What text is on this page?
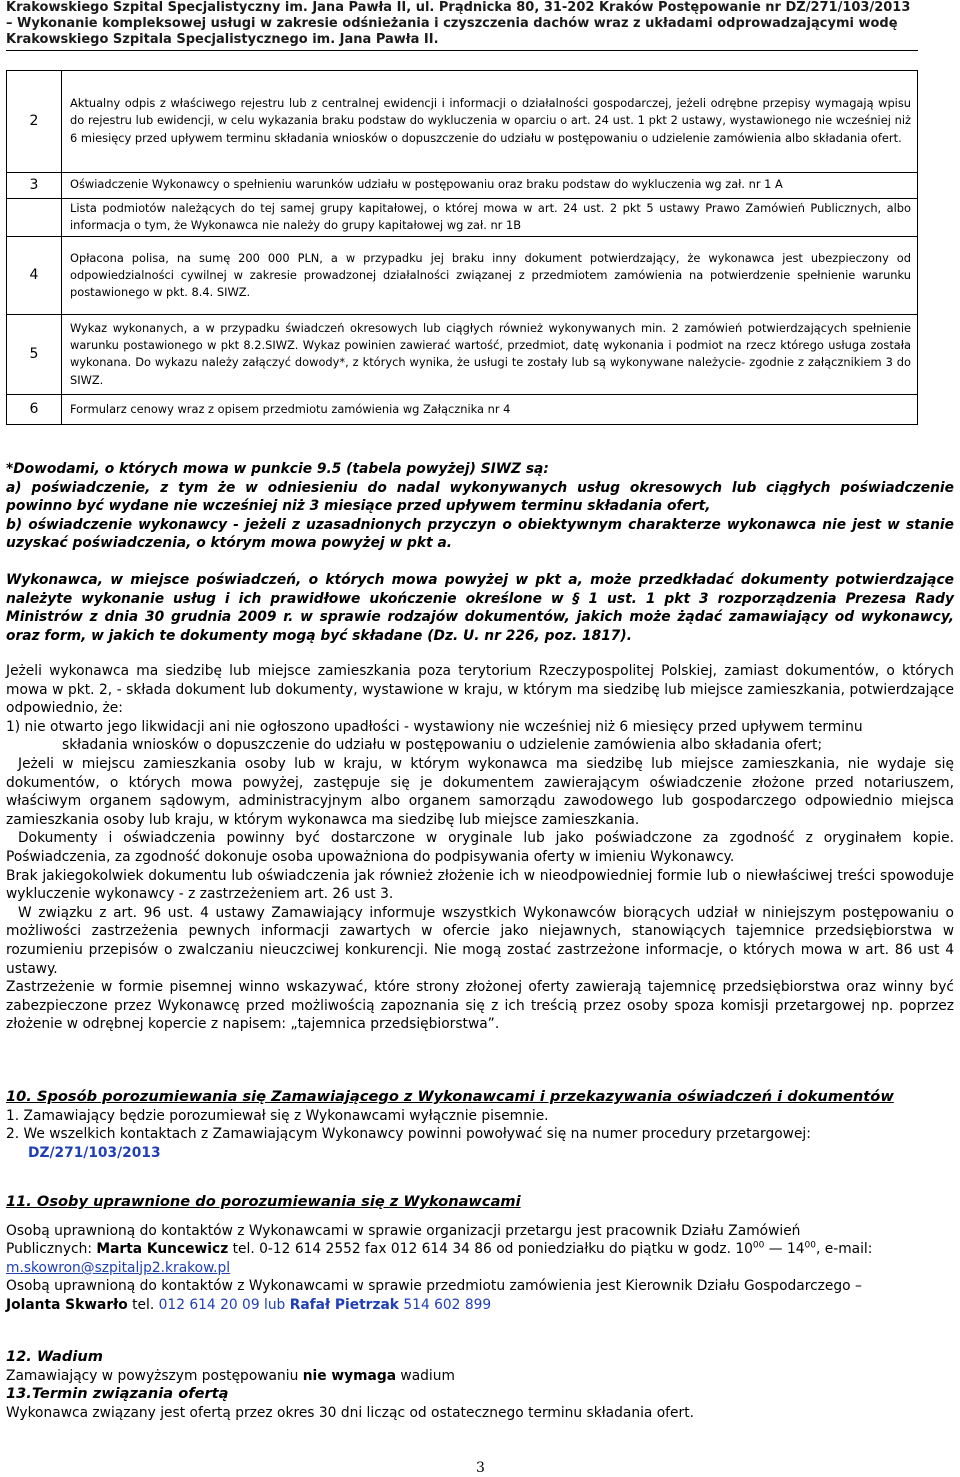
Krakowskiego Szpital Specjalistyczny im. Jana Pawła II, ul. Prądnicka 80, 31-202 Kraków Postępowanie nr DZ/271/103/2013
– Wykonanie kompleksowej usługi w zakresie odśnieżania i czyszczenia dachów wraz z układami odprowadzającymi wodę
Krakowskiego Szpitala Specjalistycznego im. Jana Pawła II.
2	Aktualny odpis z właściwego rejestru lub z centralnej ewidencji i informacji o działalności gospodarczej, jeżeli odrębne przepisy wymagają wpisu do rejestru lub ewidencji, w celu wykazania braku podstaw do wykluczenia w oparciu o art. 24 ust. 1 pkt 2 ustawy, wystawionego nie wcześniej niż 6 miesięcy przed upływem terminu składania wniosków o dopuszczenie do udziału w postępowaniu o udzielenie zamówienia albo składania ofert.
3	Oświadczenie Wykonawcy o spełnieniu warunków udziału w postępowaniu oraz braku podstaw do wykluczenia wg zał. nr 1 A
	Lista podmiotów należących do tej samej grupy kapitałowej, o której mowa w art. 24 ust. 2 pkt 5 ustawy Prawo Zamówień Publicznych, albo informacja o tym, że Wykonawca nie należy do grupy kapitałowej wg zał. nr 1B
4	Opłacona polisa, na sumę 200 000 PLN, a w przypadku jej braku inny dokument potwierdzający, że wykonawca jest ubezpieczony od odpowiedzialności cywilnej w zakresie prowadzonej działalności związanej z przedmiotem zamówienia na potwierdzenie spełnienie warunku postawionego w pkt. 8.4. SIWZ.
5	Wykaz wykonanych, a w przypadku świadczeń okresowych lub ciągłych również wykonywanych min. 2 zamówień potwierdzających spełnienie warunku postawionego w pkt 8.2.SIWZ. Wykaz powinien zawierać wartość, przedmiot, datę wykonania i podmiot na rzecz którego usługa została wykonana. Do wykazu należy załączyć dowody*, z których wynika, że usługi te zostały lub są wykonywane należycie- zgodnie z załącznikiem 3 do SIWZ.
6	Formularz cenowy wraz z opisem przedmiotu zamówienia wg Załącznika nr 4
*Dowodami, o których mowa w punkcie 9.5 (tabela powyżej) SIWZ są:
a) poświadczenie, z tym że w odniesieniu do nadal wykonywanych usług okresowych lub ciągłych poświadczenie powinno być wydane nie wcześniej niż 3 miesiące przed upływem terminu składania ofert,
b) oświadczenie wykonawcy - jeżeli z uzasadnionych przyczyn o obiektywnym charakterze wykonawca nie jest w stanie uzyskać poświadczenia, o którym mowa powyżej w pkt a.
Wykonawca, w miejsce poświadczeń, o których mowa powyżej w pkt a, może przedkładać dokumenty potwierdzające należyte wykonanie usług i ich prawidłowe ukończenie określone w § 1 ust. 1 pkt 3 rozporządzenia Prezesa Rady Ministrów z dnia 30 grudnia 2009 r. w sprawie rodzajów dokumentów, jakich może żądać zamawiający od wykonawcy, oraz form, w jakich te dokumenty mogą być składane (Dz. U. nr 226, poz. 1817).
Jeżeli wykonawca ma siedzibę lub miejsce zamieszkania poza terytorium Rzeczypospolitej Polskiej, zamiast dokumentów, o których mowa w pkt. 2, - składa dokument lub dokumenty, wystawione w kraju, w którym ma siedzibę lub miejsce zamieszkania, potwierdzające odpowiednio, że:
1) nie otwarto jego likwidacji ani nie ogłoszono upadłości - wystawiony nie wcześniej niż 6 miesięcy przed upływem terminu
składania wniosków o dopuszczenie do udziału w postępowaniu o udzielenie zamówienia albo składania ofert;
Jeżeli w miejscu zamieszkania osoby lub w kraju, w którym wykonawca ma siedzibę lub miejsce zamieszkania, nie wydaje się dokumentów, o których mowa powyżej, zastępuje się je dokumentem zawierającym oświadczenie złożone przed notariuszem, właściwym organem sądowym, administracyjnym albo organem samorządu zawodowego lub gospodarczego odpowiednio miejsca zamieszkania osoby lub kraju, w którym wykonawca ma siedzibę lub miejsce zamieszkania.
Dokumenty i oświadczenia powinny być dostarczone w oryginale lub jako poświadczone za zgodność z oryginałem kopie. Poświadczenia, za zgodność dokonuje osoba upoważniona do podpisywania oferty w imieniu Wykonawcy.
Brak jakiegokolwiek dokumentu lub oświadczenia jak również złożenie ich w nieodpowiedniej formie lub o niewłaściwej treści spowoduje wykluczenie wykonawcy - z zastrzeżeniem art. 26 ust 3.
W związku z art. 96 ust. 4 ustawy Zamawiający informuje wszystkich Wykonawców biorących udział w niniejszym postępowaniu o możliwości zastrzeżenia pewnych informacji zawartych w ofercie jako niejawnych, stanowiących tajemnice przedsiębiorstwa w rozumieniu przepisów o zwalczaniu nieuczciwej konkurencji. Nie mogą zostać zastrzeżone informacje, o których mowa w art. 86 ust 4 ustawy.
Zastrzeżenie w formie pisemnej winno wskazywać, które strony złożonej oferty zawierają tajemnicę przedsiębiorstwa oraz winny być zabezpieczone przez Wykonawcę przed możliwością zapoznania się z ich treścią przez osoby spoza komisji przetargowej np. poprzez złożenie w odrębnej kopercie z napisem: „tajemnica przedsiębiorstwa”.
10. Sposób porozumiewania się Zamawiającego z Wykonawcami i przekazywania oświadczeń i dokumentów
1. Zamawiający będzie porozumiewał się z Wykonawcami wyłącznie pisemnie.
2. We wszelkich kontaktach z Zamawiającym Wykonawcy powinni powoływać się na numer procedury przetargowej:
DZ/271/103/2013
11. Osoby uprawnione do porozumiewania się z Wykonawcami
Osobą uprawnioną do kontaktów z Wykonawcami w sprawie organizacji przetargu jest pracownik Działu Zamówień
Publicznych: Marta Kuncewicz tel. 0-12 614 2552 fax 012 614 34 86 od poniedziałku do piątku w godz. $10^{00}$ — $14^{00}$, e-mail:
m.skowron@szpitaljp2.krakow.pl
Osobą uprawnioną do kontaktów z Wykonawcami w sprawie przedmiotu zamówienia jest Kierownik Działu Gospodarczego –
Jolanta Skwarło tel. 012 614 20 09 lub Rafał Pietrzak 514 602 899
12. Wadium
Zamawiający w powyższym postępowaniu nie wymaga wadium
13.Termin związania ofertą
Wykonawca związany jest ofertą przez okres 30 dni licząc od ostatecznego terminu składania ofert.
3
